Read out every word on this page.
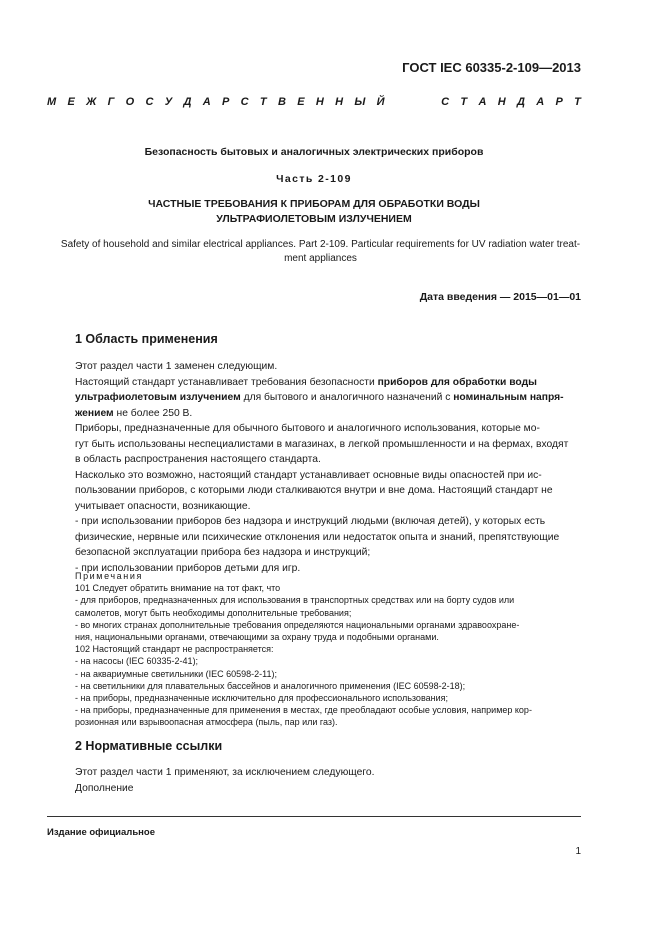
ГОСТ IEC 60335-2-109—2013
М Е Ж Г О С У Д А Р С Т В Е Н Н Ы Й	С Т А Н Д А Р Т
Безопасность бытовых и аналогичных электрических приборов
Часть 2-109
ЧАСТНЫЕ ТРЕБОВАНИЯ К ПРИБОРАМ ДЛЯ ОБРАБОТКИ ВОДЫ
УЛЬТРАФИОЛЕТОВЫМ ИЗЛУЧЕНИЕМ
Safety of household and similar electrical appliances. Part 2-109. Particular requirements for UV radiation water treat-
ment appliances
Дата введения — 2015—01—01
1 Область применения

Этот раздел части 1 заменен следующим.

Настоящий стандарт устанавливает требования безопасности приборов для обработки воды

ультрафиолетовым излучением для бытового и аналогичного назначений с номинальным напря-

жением не более 250 В.

Приборы, предназначенные для обычного бытового и аналогичного использования, которые мо-

гут быть использованы неспециалистами в магазинах, в легкой промышленности и на фермах, входят

в область распространения настоящего стандарта.

Насколько это возможно, настоящий стандарт устанавливает основные виды опасностей при ис-

пользовании приборов, с которыми люди сталкиваются внутри и вне дома. Настоящий стандарт не

учитывает опасности, возникающие.

- при использовании приборов без надзора и инструкций людьми (включая детей), у которых есть

физические, нервные или психические отклонения или недостаток опыта и знаний, препятствующие

безопасной эксплуатации прибора без надзора и инструкций;

- при использовании приборов детьми для игр.

Примечания

101 Следует обратить внимание на тот факт, что

- для приборов, предназначенных для использования в транспортных средствах или на борту судов или

самолетов, могут быть необходимы дополнительные требования;

- во многих странах дополнительные требования определяются национальными органами здравоохране-

ния, национальными органами, отвечающими за охрану труда и подобными органами.

102 Настоящий стандарт не распространяется:

- на насосы (IEC 60335-2-41);

- на аквариумные светильники (IEC 60598-2-11);

- на светильники для плавательных бассейнов и аналогичного применения (IEC 60598-2-18);

- на приборы, предназначенные исключительно для профессионального использования;

- на приборы, предназначенные для применения в местах, где преобладают особые условия, например кор-

розионная или взрывоопасная атмосфера (пыль, пар или газ).

2 Нормативные ссылки

Этот раздел части 1 применяют, за исключением следующего.

Дополнение

Издание официальное
1
